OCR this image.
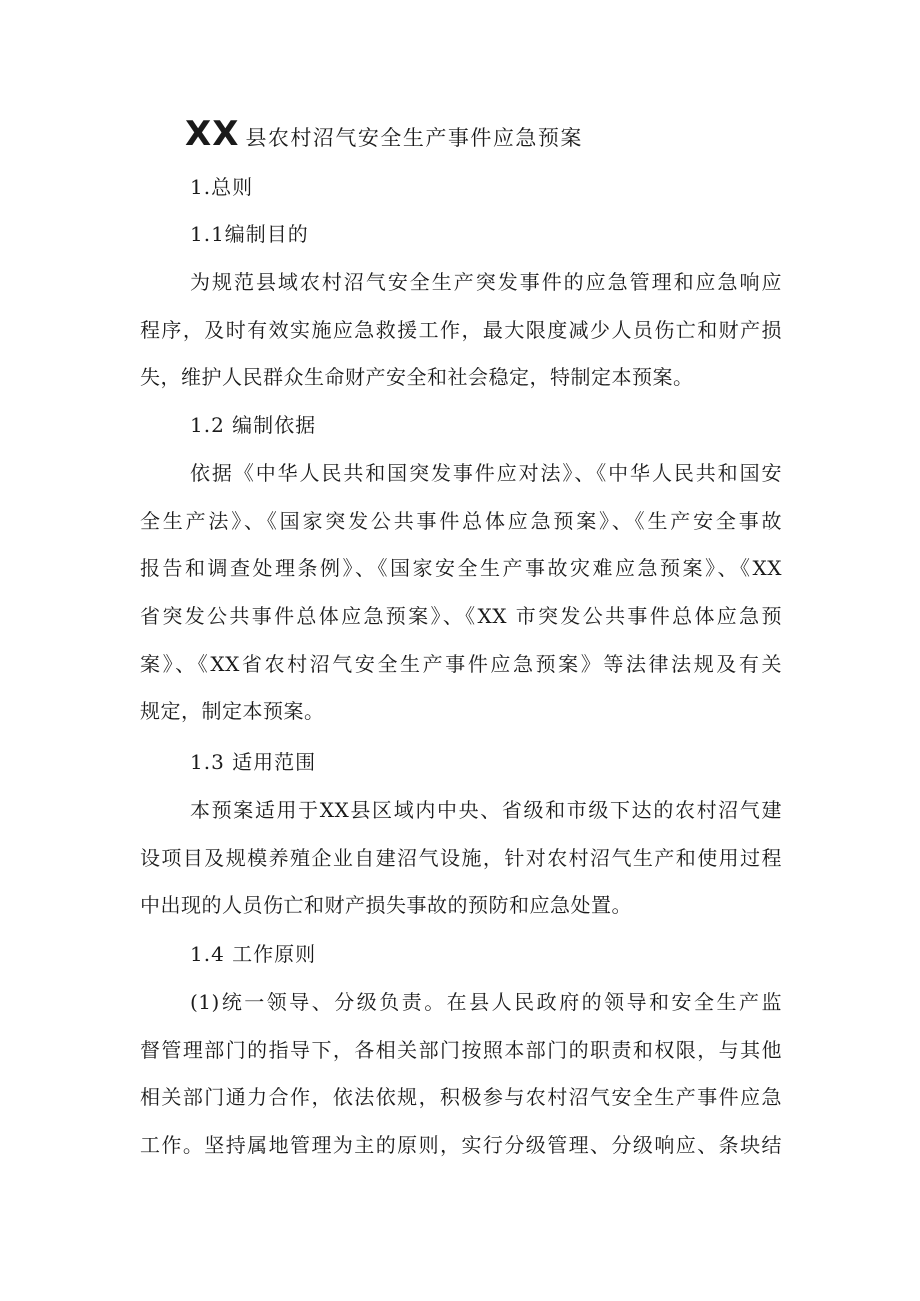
XX 县农村沼气安全生产事件应急预案
1.总则
1.1编制目的
为规范县域农村沼气安全生产突发事件的应急管理和应急响应
程序，及时有效实施应急救援工作，最大限度减少人员伤亡和财产损
失，维护人民群众生命财产安全和社会稳定，特制定本预案。
1.2 编制依据
依据《中华人民共和国突发事件应对法》、《中华人民共和国安
全生产法》、《国家突发公共事件总体应急预案》、《生产安全事故
报告和调查处理条例》、《国家安全生产事故灾难应急预案》、《XX
省突发公共事件总体应急预案》、《XX 市突发公共事件总体应急预
案》、《XX省农村沼气安全生产事件应急预案》等法律法规及有关
规定，制定本预案。
1.3 适用范围
本预案适用于XX县区域内中央、省级和市级下达的农村沼气建
设项目及规模养殖企业自建沼气设施，针对农村沼气生产和使用过程
中出现的人员伤亡和财产损失事故的预防和应急处置。
1.4 工作原则
(1)统一领导、分级负责。在县人民政府的领导和安全生产监
督管理部门的指导下，各相关部门按照本部门的职责和权限，与其他
相关部门通力合作，依法依规，积极参与农村沼气安全生产事件应急
工作。坚持属地管理为主的原则，实行分级管理、分级响应、条块结
